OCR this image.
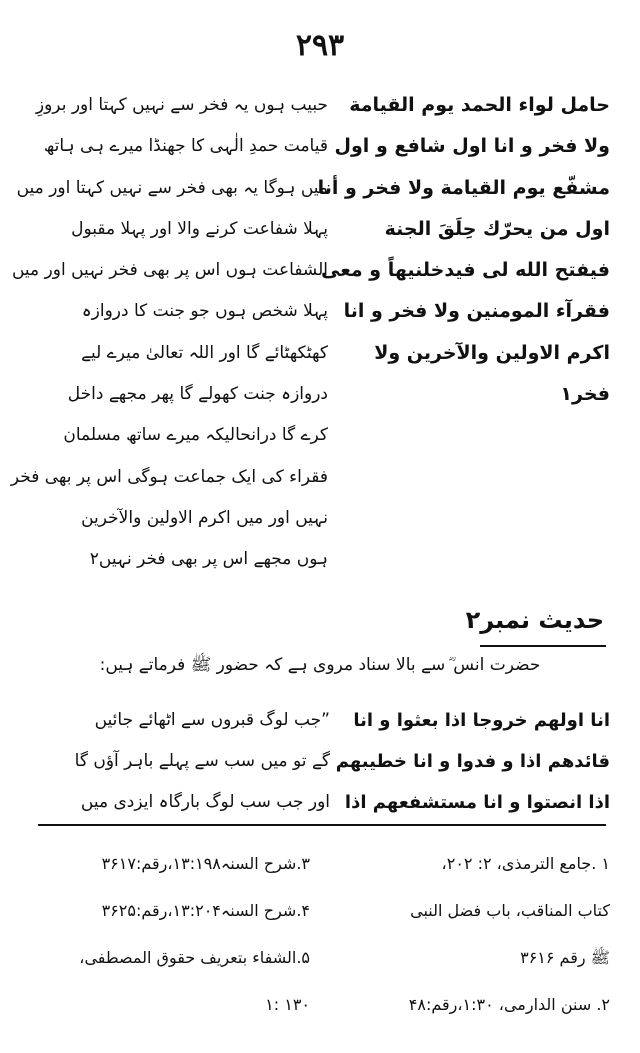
٢٩٣
حامل لواء الحمد يوم القيامة
ولا فخر و انا اول شافع و اول
مشفّع يوم القيامة ولا فخر و أنا
اول من يحرّك حِلَقَ الجنة
فيفتح الله لى فيدخلنيهاً و معى
فقرآء المومنين ولا فخر و انا
اكرم الاولين والآخرين ولا
فخر۱
حبیب ہوں یہ فخر سے نہیں کہتا اور بروزِ
قیامت حمدِ الٰہی کا جھنڈا میرے ہی ہاتھ
میں ہوگا یہ بھی فخر سے نہیں کہتا اور میں
پہلا شفاعت کرنے والا اور پہلا مقبول
الشفاعت ہوں اس پر بھی فخر نہیں اور میں
پہلا شخص ہوں جو جنت کا دروازہ
کھٹکھٹائے گا اور اللہ تعالیٰ میرے لیے
دروازہ جنت کھولے گا پھر مجھے داخل
کرے گا درانحالیکہ میرے ساتھ مسلمان
فقراء کی ایک جماعت ہوگی اس پر بھی فخر
نہیں اور میں اکرم الاولین والآخرین
ہوں مجھے اس پر بھی فخر نہیں۲
حدیث نمبر۲
حضرت انس ؓ سے بالا سناد مروی ہے کہ حضور ﷺ فرماتے ہیں:
انا اولهم خروجا اذا بعثوا و انا
”جب لوگ قبروں سے اٹھائے جائیں
قائدهم اذا و فدوا و انا خطيبهم
گے تو میں سب سے پہلے باہر آؤں گا
اذا انصتوا و انا مستشفعهم اذا
اور جب سب لوگ بارگاہ ایزدی میں
۱ .جامع الترمذی، ۲: ۲۰۲،
۳.شرح السنہ۱۳:۱۹۸،رقم:۳۶۱۷
كتاب المناقب، باب فضل النبى
۴.شرح السنہ۱۳:۲۰۴،رقم:۳۶۲۵
ﷺ رقم ۳۶۱۶
۵.الشفاء بتعريف حقوق المصطفى،
۲. سنن الدارمی، ۱:۳۰،رقم:۴۸
۱۳۰ :۱
